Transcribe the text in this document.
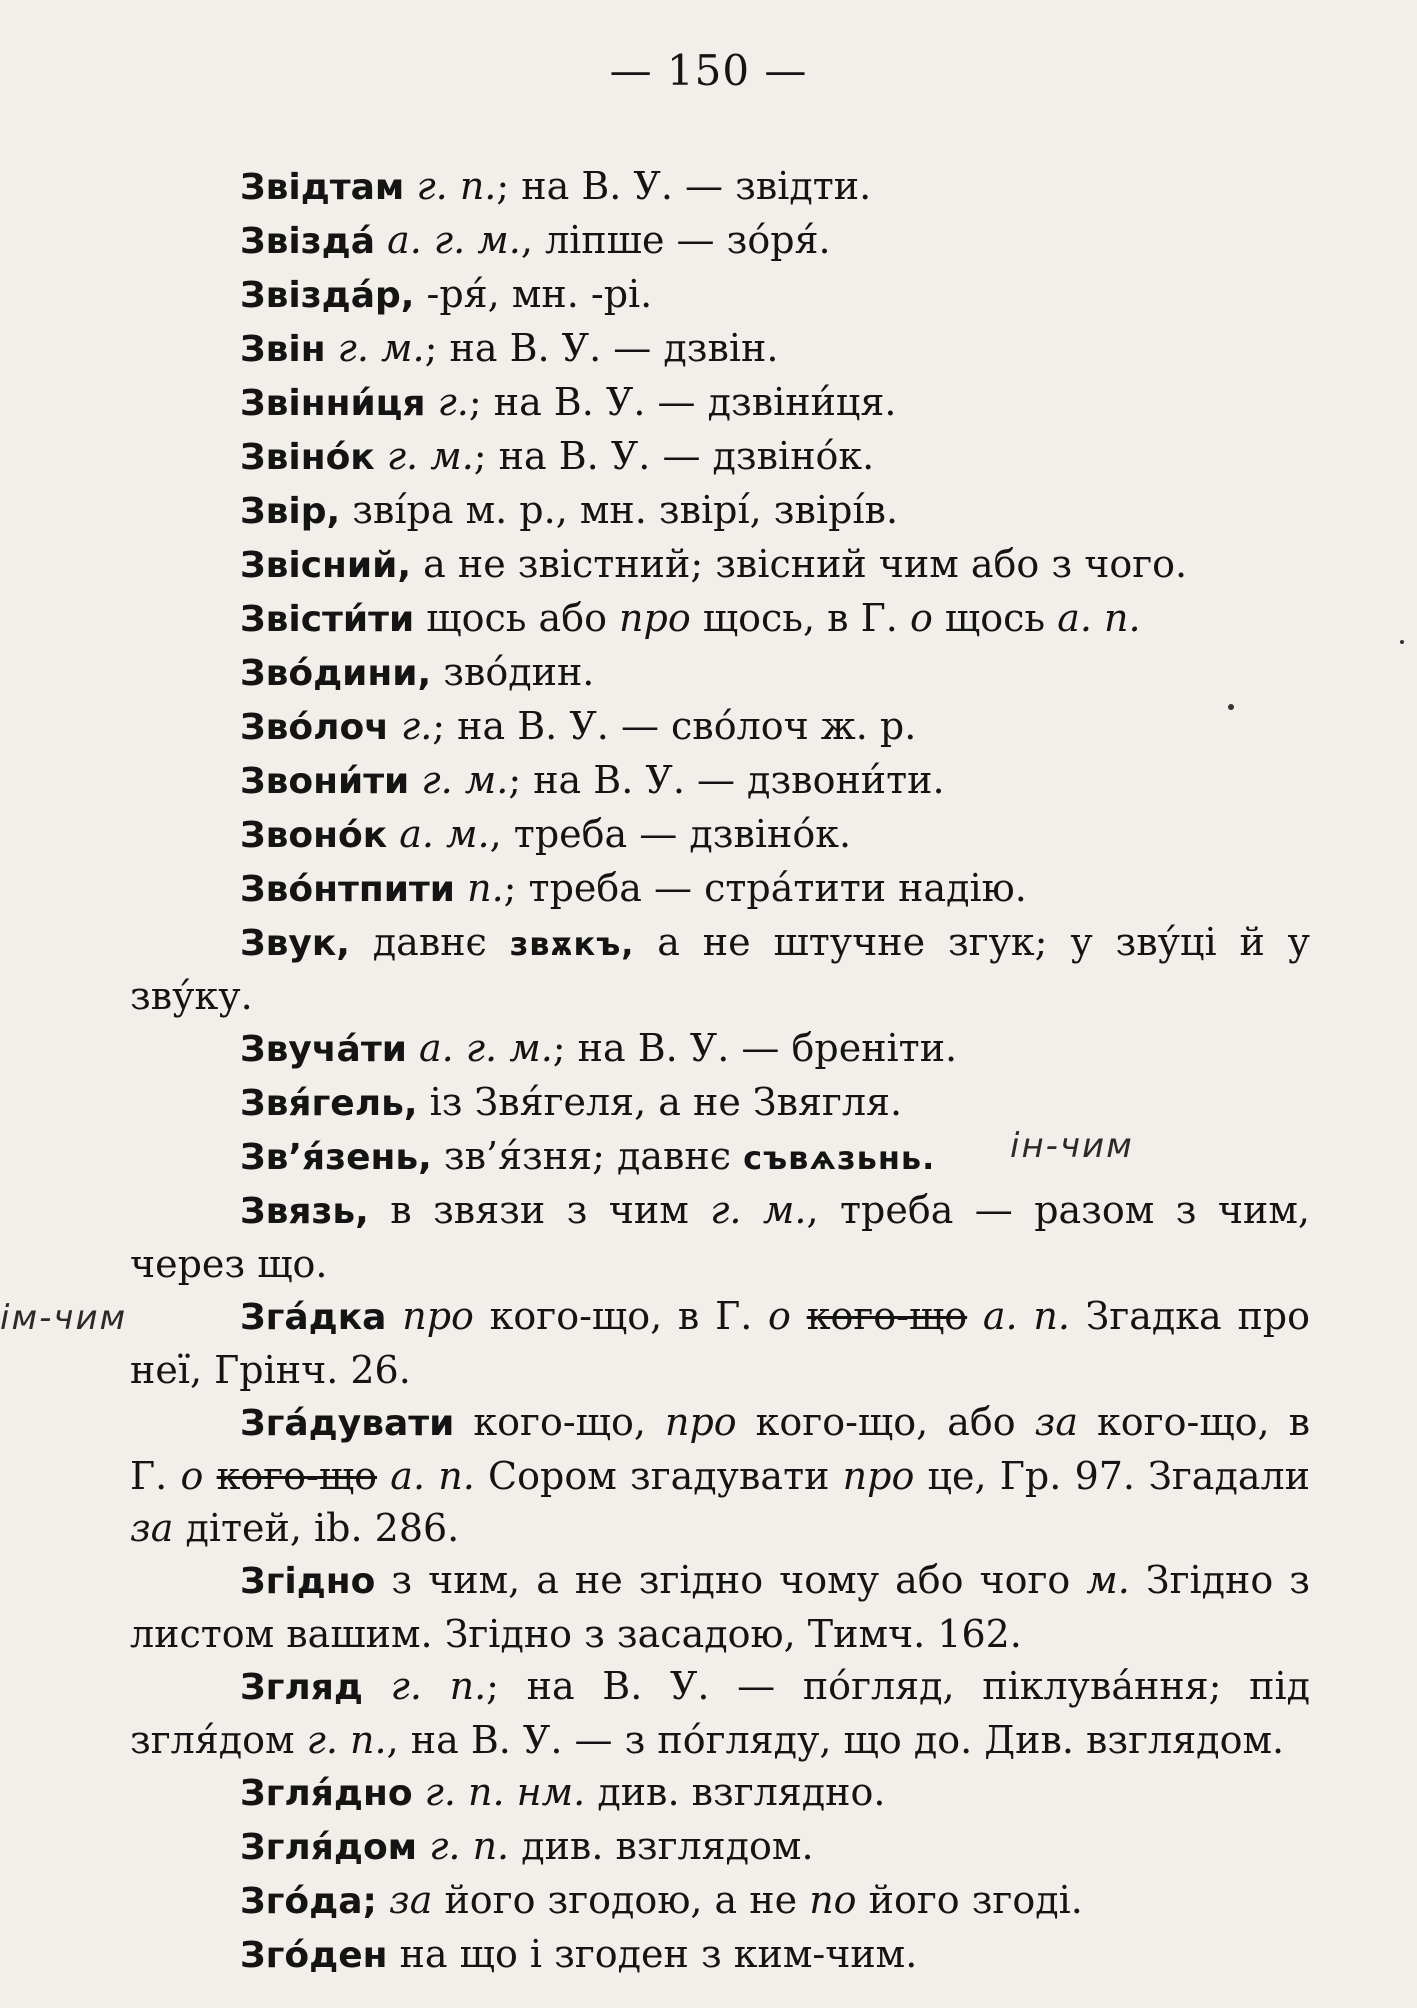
— 150 —

Звідтам г. п.; на В. У. — звідти.

Звізда́ а. г. м., ліпше — зо́ря́.

Звіздáр, -ря́, мн. -рі.

Звін г. м.; на В. У. — дзвін.

Звінни́ця г.; на В. У. — дзвіни́ця.

Звіно́к г. м.; на В. У. — дзвіно́к.

Звір, звíра м. р., мн. звірí, звірíв.

Звісний, а не звістний; звісний чим або з чого.

Звісти́ти щось або про щось, в Г. о щось а. п.

Зво́дини, зво́дин.

Зво́лоч г.; на В. У. — сво́лоч ж. р.

Звони́ти г. м.; на В. У. — дзвони́ти.

Звоно́к а. м., треба — дзвіно́к.

Зво́нтпити п.; треба — стрáтити надію.

Звук, давнє звѫкъ, а не штучне згук; у зву́ці й у зву́ку.

Звучáти а. г. м.; на В. У. — бреніти.

Звя́гель, із Звя́геля, а не Звягля.

Зв’я́зень, зв’я́зня; давнє съвѧзьнь.

Звязь, в звязи з чим г. м., треба — разом з чим, через що.

Згáдка про кого-що, в Г. о кого-що а. п. Згадка про неї, Грінч. 26.

Згáдувати кого-що, про кого-що, або за кого-що, в Г. о кого-що а. п. Сором згадувати про це, Гр. 97. Згадали за дітей, ib. 286.

Згідно з чим, а не згідно чому або чого м. Згідно з листом вашим. Згідно з засадою, Тимч. 162.

Згляд г. п.; на В. У. — по́гляд, піклувáння; під згля́дом г. п., на В. У. — з по́гляду, що до. Див. взглядом.

Згля́дно г. п. нм. див. взглядно.

Згля́дом г. п. див. взглядом.

Зго́да; за його згодою, а не по його згоді.

Зго́ден на що і згоден з ким-чим.

ін-чим
ім-чим
